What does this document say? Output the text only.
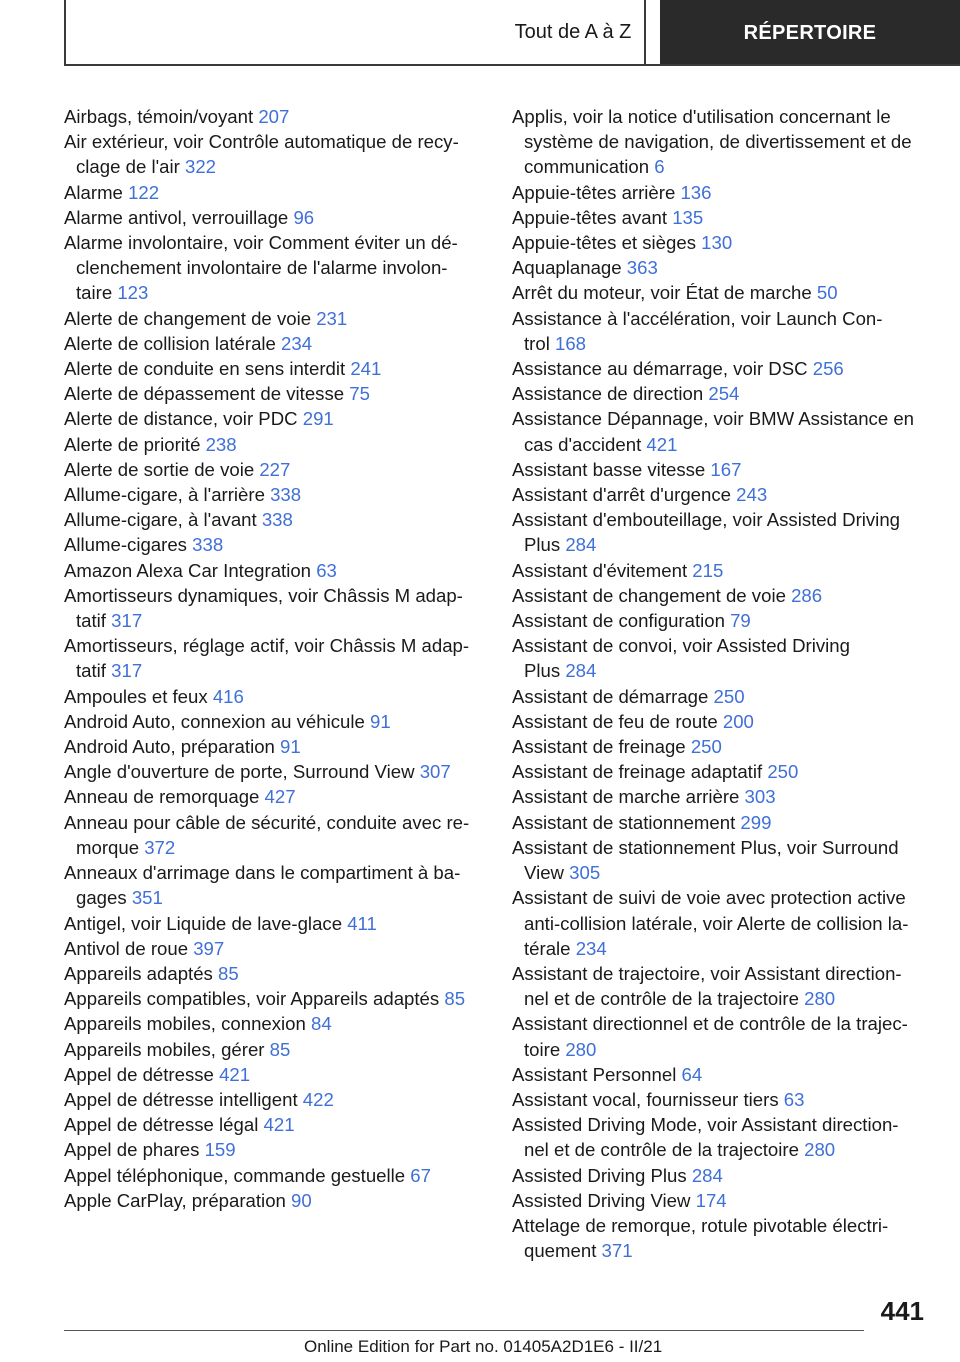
Tout de A à Z	RÉPERTOIRE
Airbags, témoin/voyant 207
Air extérieur, voir Contrôle automatique de recy‐
clage de l'air 322
Alarme 122
Alarme antivol, verrouillage 96
Alarme involontaire, voir Comment éviter un dé‐
clenchement involontaire de l'alarme involon‐
taire 123
Alerte de changement de voie 231
Alerte de collision latérale 234
Alerte de conduite en sens interdit 241
Alerte de dépassement de vitesse 75
Alerte de distance, voir PDC 291
Alerte de priorité 238
Alerte de sortie de voie 227
Allume-cigare, à l'arrière 338
Allume-cigare, à l'avant 338
Allume-cigares 338
Amazon Alexa Car Integration 63
Amortisseurs dynamiques, voir Châssis M adap‐
tatif 317
Amortisseurs, réglage actif, voir Châssis M adap‐
tatif 317
Ampoules et feux 416
Android Auto, connexion au véhicule 91
Android Auto, préparation 91
Angle d'ouverture de porte, Surround View 307
Anneau de remorquage 427
Anneau pour câble de sécurité, conduite avec re‐
morque 372
Anneaux d'arrimage dans le compartiment à ba‐
gages 351
Antigel, voir Liquide de lave-glace 411
Antivol de roue 397
Appareils adaptés 85
Appareils compatibles, voir Appareils adaptés 85
Appareils mobiles, connexion 84
Appareils mobiles, gérer 85
Appel de détresse 421
Appel de détresse intelligent 422
Appel de détresse légal 421
Appel de phares 159
Appel téléphonique, commande gestuelle 67
Apple CarPlay, préparation 90
Applis, voir la notice d'utilisation concernant le
système de navigation, de divertissement et de
communication 6
Appuie-têtes arrière 136
Appuie-têtes avant 135
Appuie-têtes et sièges 130
Aquaplanage 363
Arrêt du moteur, voir État de marche 50
Assistance à l'accélération, voir Launch Con‐
trol 168
Assistance au démarrage, voir DSC 256
Assistance de direction 254
Assistance Dépannage, voir BMW Assistance en
cas d'accident 421
Assistant basse vitesse 167
Assistant d'arrêt d'urgence 243
Assistant d'embouteillage, voir Assisted Driving
Plus 284
Assistant d'évitement 215
Assistant de changement de voie 286
Assistant de configuration 79
Assistant de convoi, voir Assisted Driving
Plus 284
Assistant de démarrage 250
Assistant de feu de route 200
Assistant de freinage 250
Assistant de freinage adaptatif 250
Assistant de marche arrière 303
Assistant de stationnement 299
Assistant de stationnement Plus, voir Surround
View 305
Assistant de suivi de voie avec protection active
anti-collision latérale, voir Alerte de collision la‐
térale 234
Assistant de trajectoire, voir Assistant direction‐
nel et de contrôle de la trajectoire 280
Assistant directionnel et de contrôle de la trajec‐
toire 280
Assistant Personnel 64
Assistant vocal, fournisseur tiers 63
Assisted Driving Mode, voir Assistant direction‐
nel et de contrôle de la trajectoire 280
Assisted Driving Plus 284
Assisted Driving View 174
Attelage de remorque, rotule pivotable électri‐
quement 371
441
Online Edition for Part no. 01405A2D1E6 - II/21
